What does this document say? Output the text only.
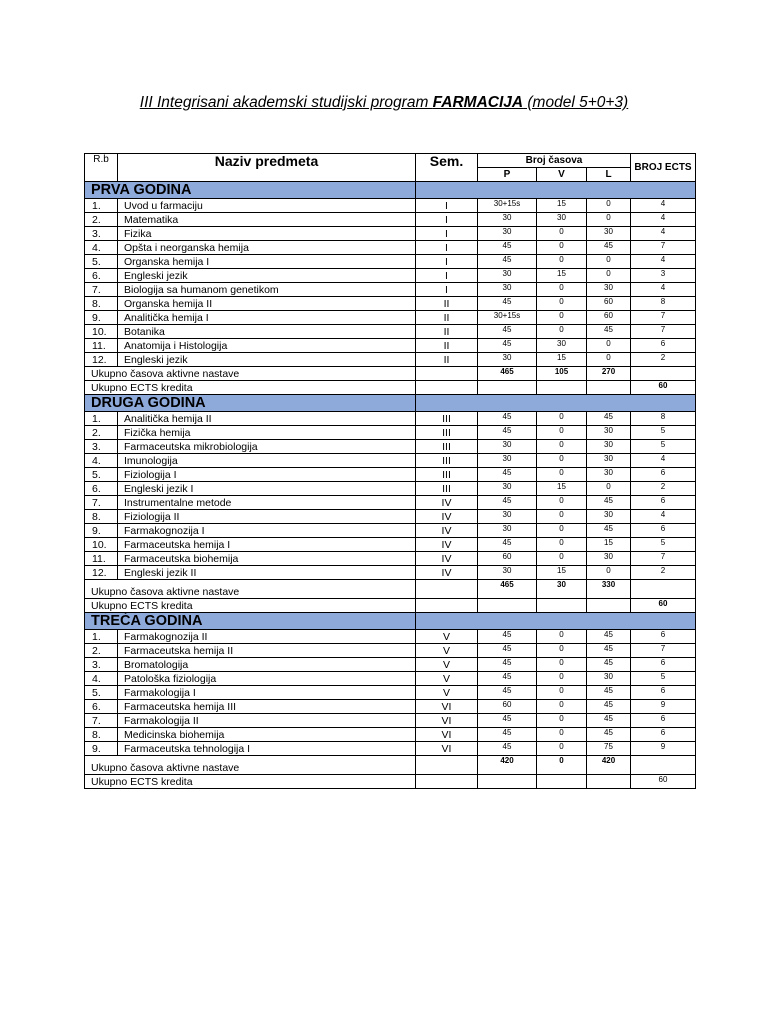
III Integrisani akademski studijski program FARMACIJA (model 5+0+3)
R.b	Naziv predmeta	Sem.	Broj časova			BROJ ECTS
			P	V	L	
PRVA GODINA						
1.	Uvod u farmaciju	I	30+15s	15	0	4
2.	Matematika	I	30	30	0	4
3.	Fizika	I	30	0	30	4
4.	Opšta i neorganska hemija	I	45	0	45	7
5.	Organska hemija I	I	45	0	0	4
6.	Engleski jezik	I	30	15	0	3
7.	Biologija sa humanom genetikom	I	30	0	30	4
8.	Organska hemija II	II	45	0	60	8
9.	Analitička hemija I	II	30+15s	0	60	7
10.	Botanika	II	45	0	45	7
11.	Anatomija i Histologija	II	45	30	0	6
12.	Engleski jezik	II	30	15	0	2
Ukupno časova aktivne nastave			465	105	270	
Ukupno ECTS kredita						60
DRUGA GODINA						
1.	Analitička hemija II	III	45	0	45	8
2.	Fizička hemija	III	45	0	30	5
3.	Farmaceutska mikrobiologija	III	30	0	30	5
4.	Imunologija	III	30	0	30	4
5.	Fiziologija I	III	45	0	30	6
6.	Engleski jezik I	III	30	15	0	2
7.	Instrumentalne metode	IV	45	0	45	6
8.	Fiziologija II	IV	30	0	30	4
9.	Farmakognozija I	IV	30	0	45	6
10.	Farmaceutska hemija I	IV	45	0	15	5
11.	Farmaceutska biohemija	IV	60	0	30	7
12.	Engleski jezik II	IV	30	15	0	2
Ukupno časova aktivne nastave			465	30	330	
Ukupno ECTS kredita						60
TREĆA GODINA						
1.	Farmakognozija II	V	45	0	45	6
2.	Farmaceutska hemija II	V	45	0	45	7
3.	Bromatologija	V	45	0	45	6
4.	Patološka fiziologija	V	45	0	30	5
5.	Farmakologija I	V	45	0	45	6
6.	Farmaceutska hemija III	VI	60	0	45	9
7.	Farmakologija II	VI	45	0	45	6
8.	Medicinska biohemija	VI	45	0	45	6
9.	Farmaceutska tehnologija I	VI	45	0	75	9
Ukupno časova aktivne nastave			420	0	420	
Ukupno ECTS kredita						60
